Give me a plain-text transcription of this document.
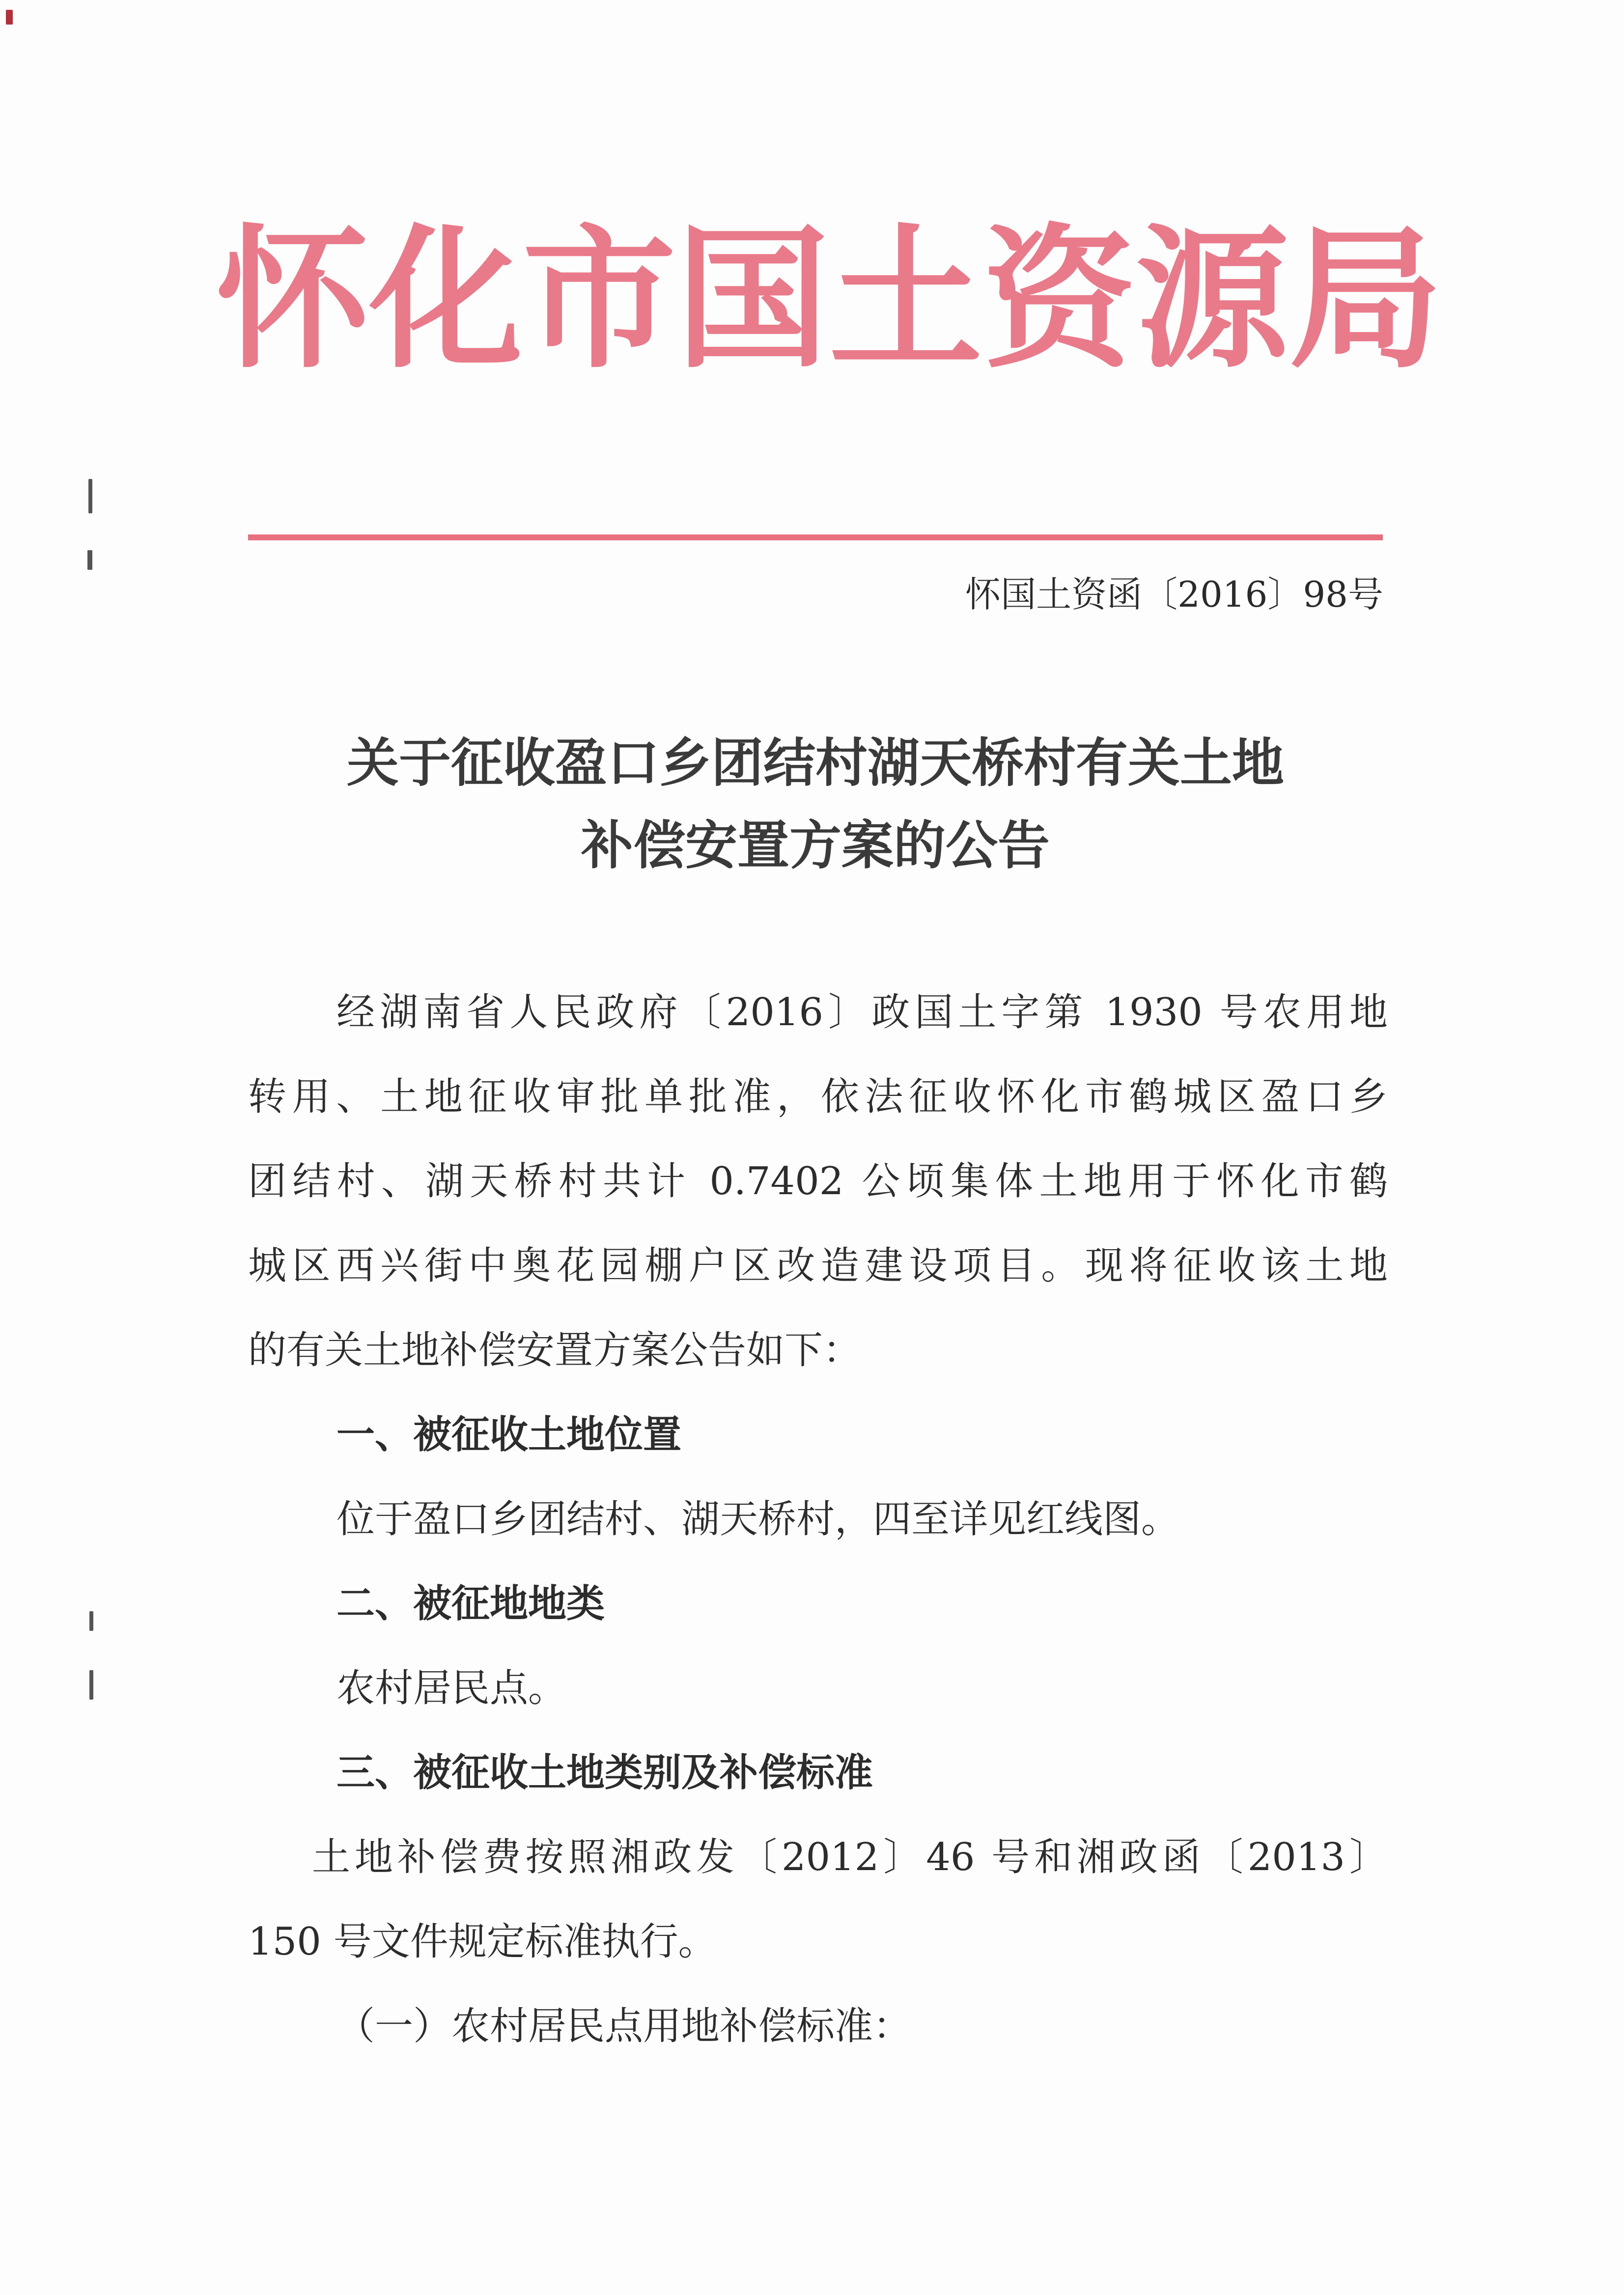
怀化市国土资源局
怀国土资函〔2016〕98号
关于征收盈口乡团结村湖天桥村有关土地
补偿安置方案的公告
经湖南省人民政府〔2016〕政国土字第 1930 号农用地
转用、土地征收审批单批准，依法征收怀化市鹤城区盈口乡
团结村、湖天桥村共计 0.7402 公顷集体土地用于怀化市鹤
城区西兴街中奥花园棚户区改造建设项目。现将征收该土地
的有关土地补偿安置方案公告如下：
一、被征收土地位置
位于盈口乡团结村、湖天桥村，四至详见红线图。
二、被征地地类
农村居民点。
三、被征收土地类别及补偿标准
土地补偿费按照湘政发〔2012〕46 号和湘政函〔2013〕
150 号文件规定标准执行。
（一）农村居民点用地补偿标准：
